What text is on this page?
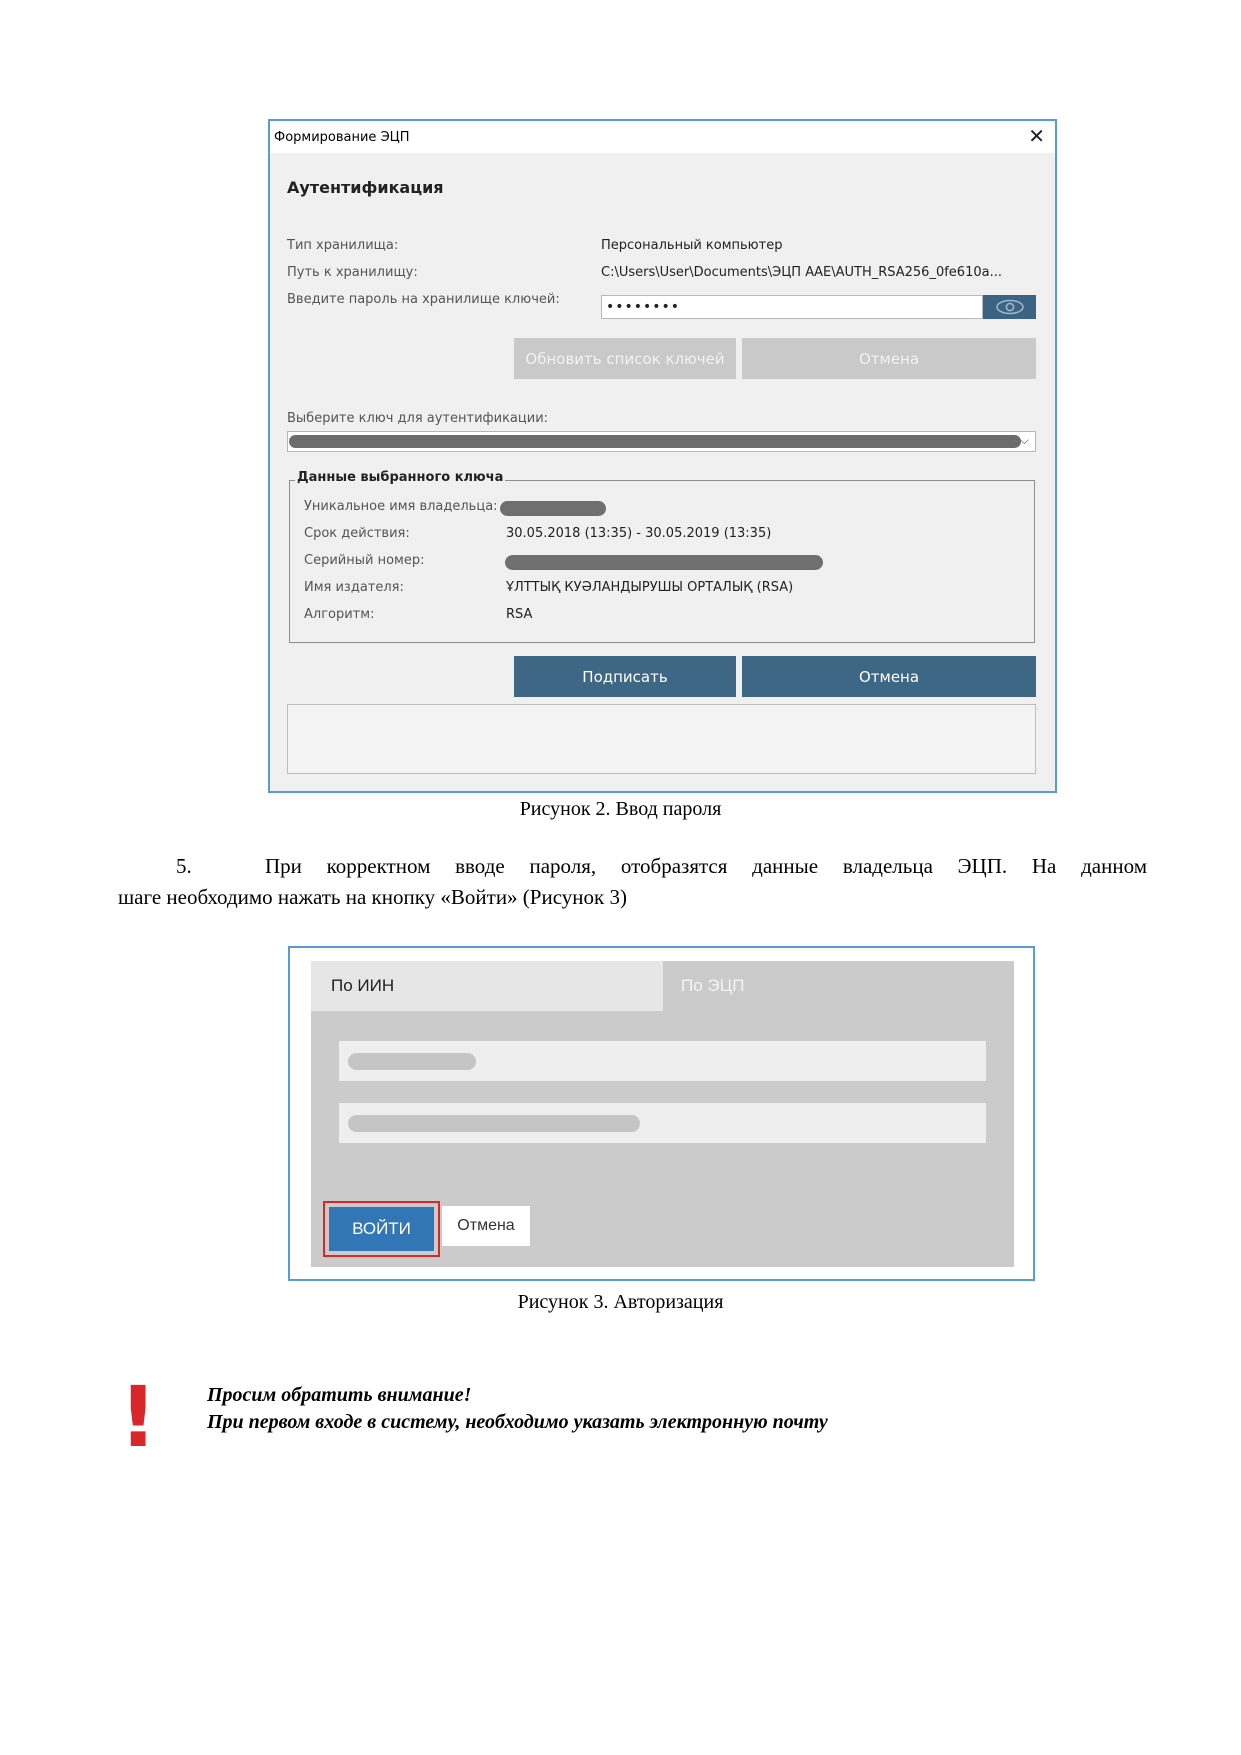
Формирование ЭЦП	✕
Аутентификация
Тип хранилища:	Персональный компьютер
Путь к хранилищу:	C:\Users\User\Documents\ЭЦП ААЕ\AUTH_RSA256_0fe610a...
Введите пароль на хранилище ключей:	••••••••
Обновить список ключей	Отмена
Выберите ключ для аутентификации:
⌵
Данные выбранного ключа
Уникальное имя владельца:
Срок действия:	30.05.2018 (13:35) - 30.05.2019 (13:35)
Серийный номер:
Имя издателя:	ҰЛТТЫҚ КУӘЛАНДЫРУШЫ ОРТАЛЫҚ (RSA)
Алгоритм:	RSA
Подписать	Отмена
Рисунок 2. Ввод пароля
5.	При корректном вводе пароля, отобразятся данные владельца ЭЦП. На данном
шаге необходимо нажать на кнопку «Войти» (Рисунок 3)
По ИИН	По ЭЦП
ВОЙТИ	Отмена
Рисунок 3. Авторизация
! Просим обратить внимание!
При первом входе в систему, необходимо указать электронную почту
